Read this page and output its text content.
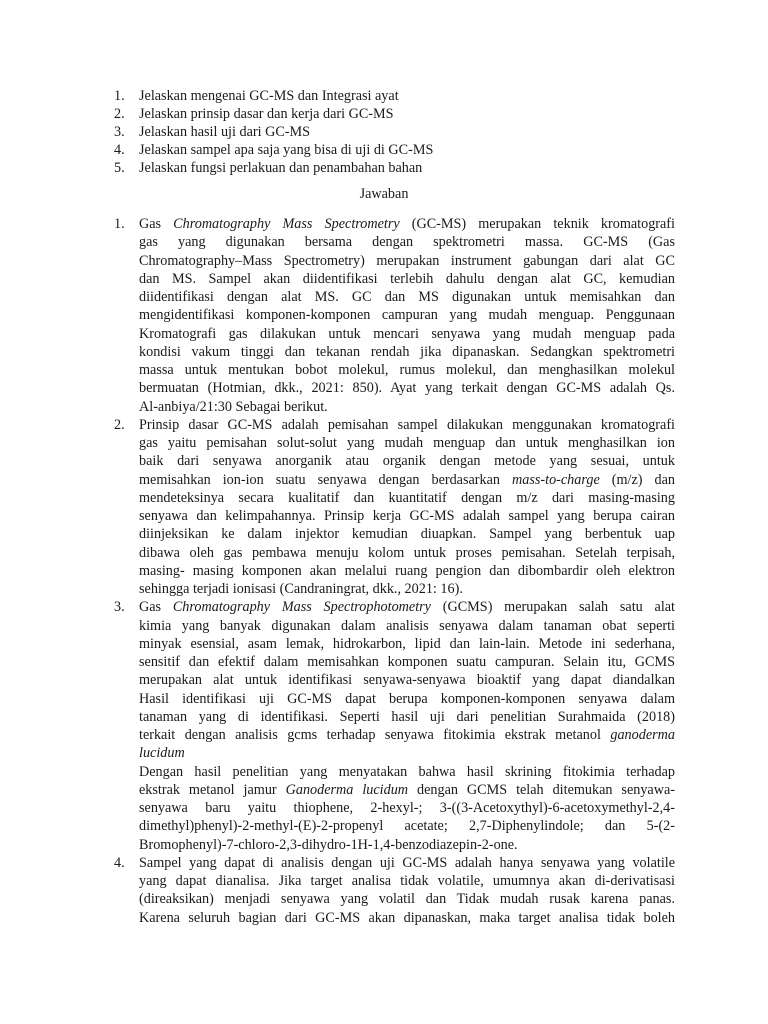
1. Jelaskan mengenai GC-MS dan Integrasi ayat
2. Jelaskan prinsip dasar dan kerja dari GC-MS
3. Jelaskan hasil uji dari GC-MS
4. Jelaskan sampel apa saja yang bisa di uji di GC-MS
5. Jelaskan fungsi perlakuan dan penambahan bahan
Jawaban
1. Gas Chromatography Mass Spectrometry (GC-MS) merupakan teknik kromatografi
gas yang digunakan bersama dengan spektrometri massa. GC-MS (Gas
Chromatography–Mass Spectrometry) merupakan instrument gabungan dari alat GC
dan MS. Sampel akan diidentifikasi terlebih dahulu dengan alat GC, kemudian
diidentifikasi dengan alat MS. GC dan MS digunakan untuk memisahkan dan
mengidentifikasi komponen-komponen campuran yang mudah menguap. Penggunaan
Kromatografi gas dilakukan untuk mencari senyawa yang mudah menguap pada
kondisi vakum tinggi dan tekanan rendah jika dipanaskan. Sedangkan spektrometri
massa untuk mentukan bobot molekul, rumus molekul, dan menghasilkan molekul
bermuatan (Hotmian, dkk., 2021: 850). Ayat yang terkait dengan GC-MS adalah Qs.
Al-anbiya/21:30 Sebagai berikut.
2. Prinsip dasar GC-MS adalah pemisahan sampel dilakukan menggunakan kromatografi
gas yaitu pemisahan solut-solut yang mudah menguap dan untuk menghasilkan ion
baik dari senyawa anorganik atau organik dengan metode yang sesuai, untuk
memisahkan ion-ion suatu senyawa dengan berdasarkan mass-to-charge (m/z) dan
mendeteksinya secara kualitatif dan kuantitatif dengan m/z dari masing-masing
senyawa dan kelimpahannya. Prinsip kerja GC-MS adalah sampel yang berupa cairan
diinjeksikan ke dalam injektor kemudian diuapkan. Sampel yang berbentuk uap
dibawa oleh gas pembawa menuju kolom untuk proses pemisahan. Setelah terpisah,
masing- masing komponen akan melalui ruang pengion dan dibombardir oleh elektron
sehingga terjadi ionisasi (Candraningrat, dkk., 2021: 16).
3. Gas Chromatography Mass Spectrophotometry (GCMS) merupakan salah satu alat
kimia yang banyak digunakan dalam analisis senyawa dalam tanaman obat seperti
minyak esensial, asam lemak, hidrokarbon, lipid dan lain-lain. Metode ini sederhana,
sensitif dan efektif dalam memisahkan komponen suatu campuran. Selain itu, GCMS
merupakan alat untuk identifikasi senyawa-senyawa bioaktif yang dapat diandalkan
Hasil identifikasi uji GC-MS dapat berupa komponen-komponen senyawa dalam
tanaman yang di identifikasi. Seperti hasil uji dari penelitian Surahmaida (2018)
terkait dengan analisis gcms terhadap senyawa fitokimia ekstrak metanol ganoderma
lucidum
Dengan hasil penelitian yang menyatakan bahwa hasil skrining fitokimia terhadap
ekstrak metanol jamur Ganoderma lucidum dengan GCMS telah ditemukan senyawa-
senyawa baru yaitu thiophene, 2-hexyl-; 3-((3-Acetoxythyl)-6-acetoxymethyl-2,4-
dimethyl)phenyl)-2-methyl-(E)-2-propenyl acetate; 2,7-Diphenylindole; dan 5-(2-
Bromophenyl)-7-chloro-2,3-dihydro-1H-1,4-benzodiazepin-2-one.
4. Sampel yang dapat di analisis dengan uji GC-MS adalah hanya senyawa yang volatile
yang dapat dianalisa. Jika target analisa tidak volatile, umumnya akan di-derivatisasi
(direaksikan) menjadi senyawa yang volatil dan Tidak mudah rusak karena panas.
Karena seluruh bagian dari GC-MS akan dipanaskan, maka target analisa tidak boleh
